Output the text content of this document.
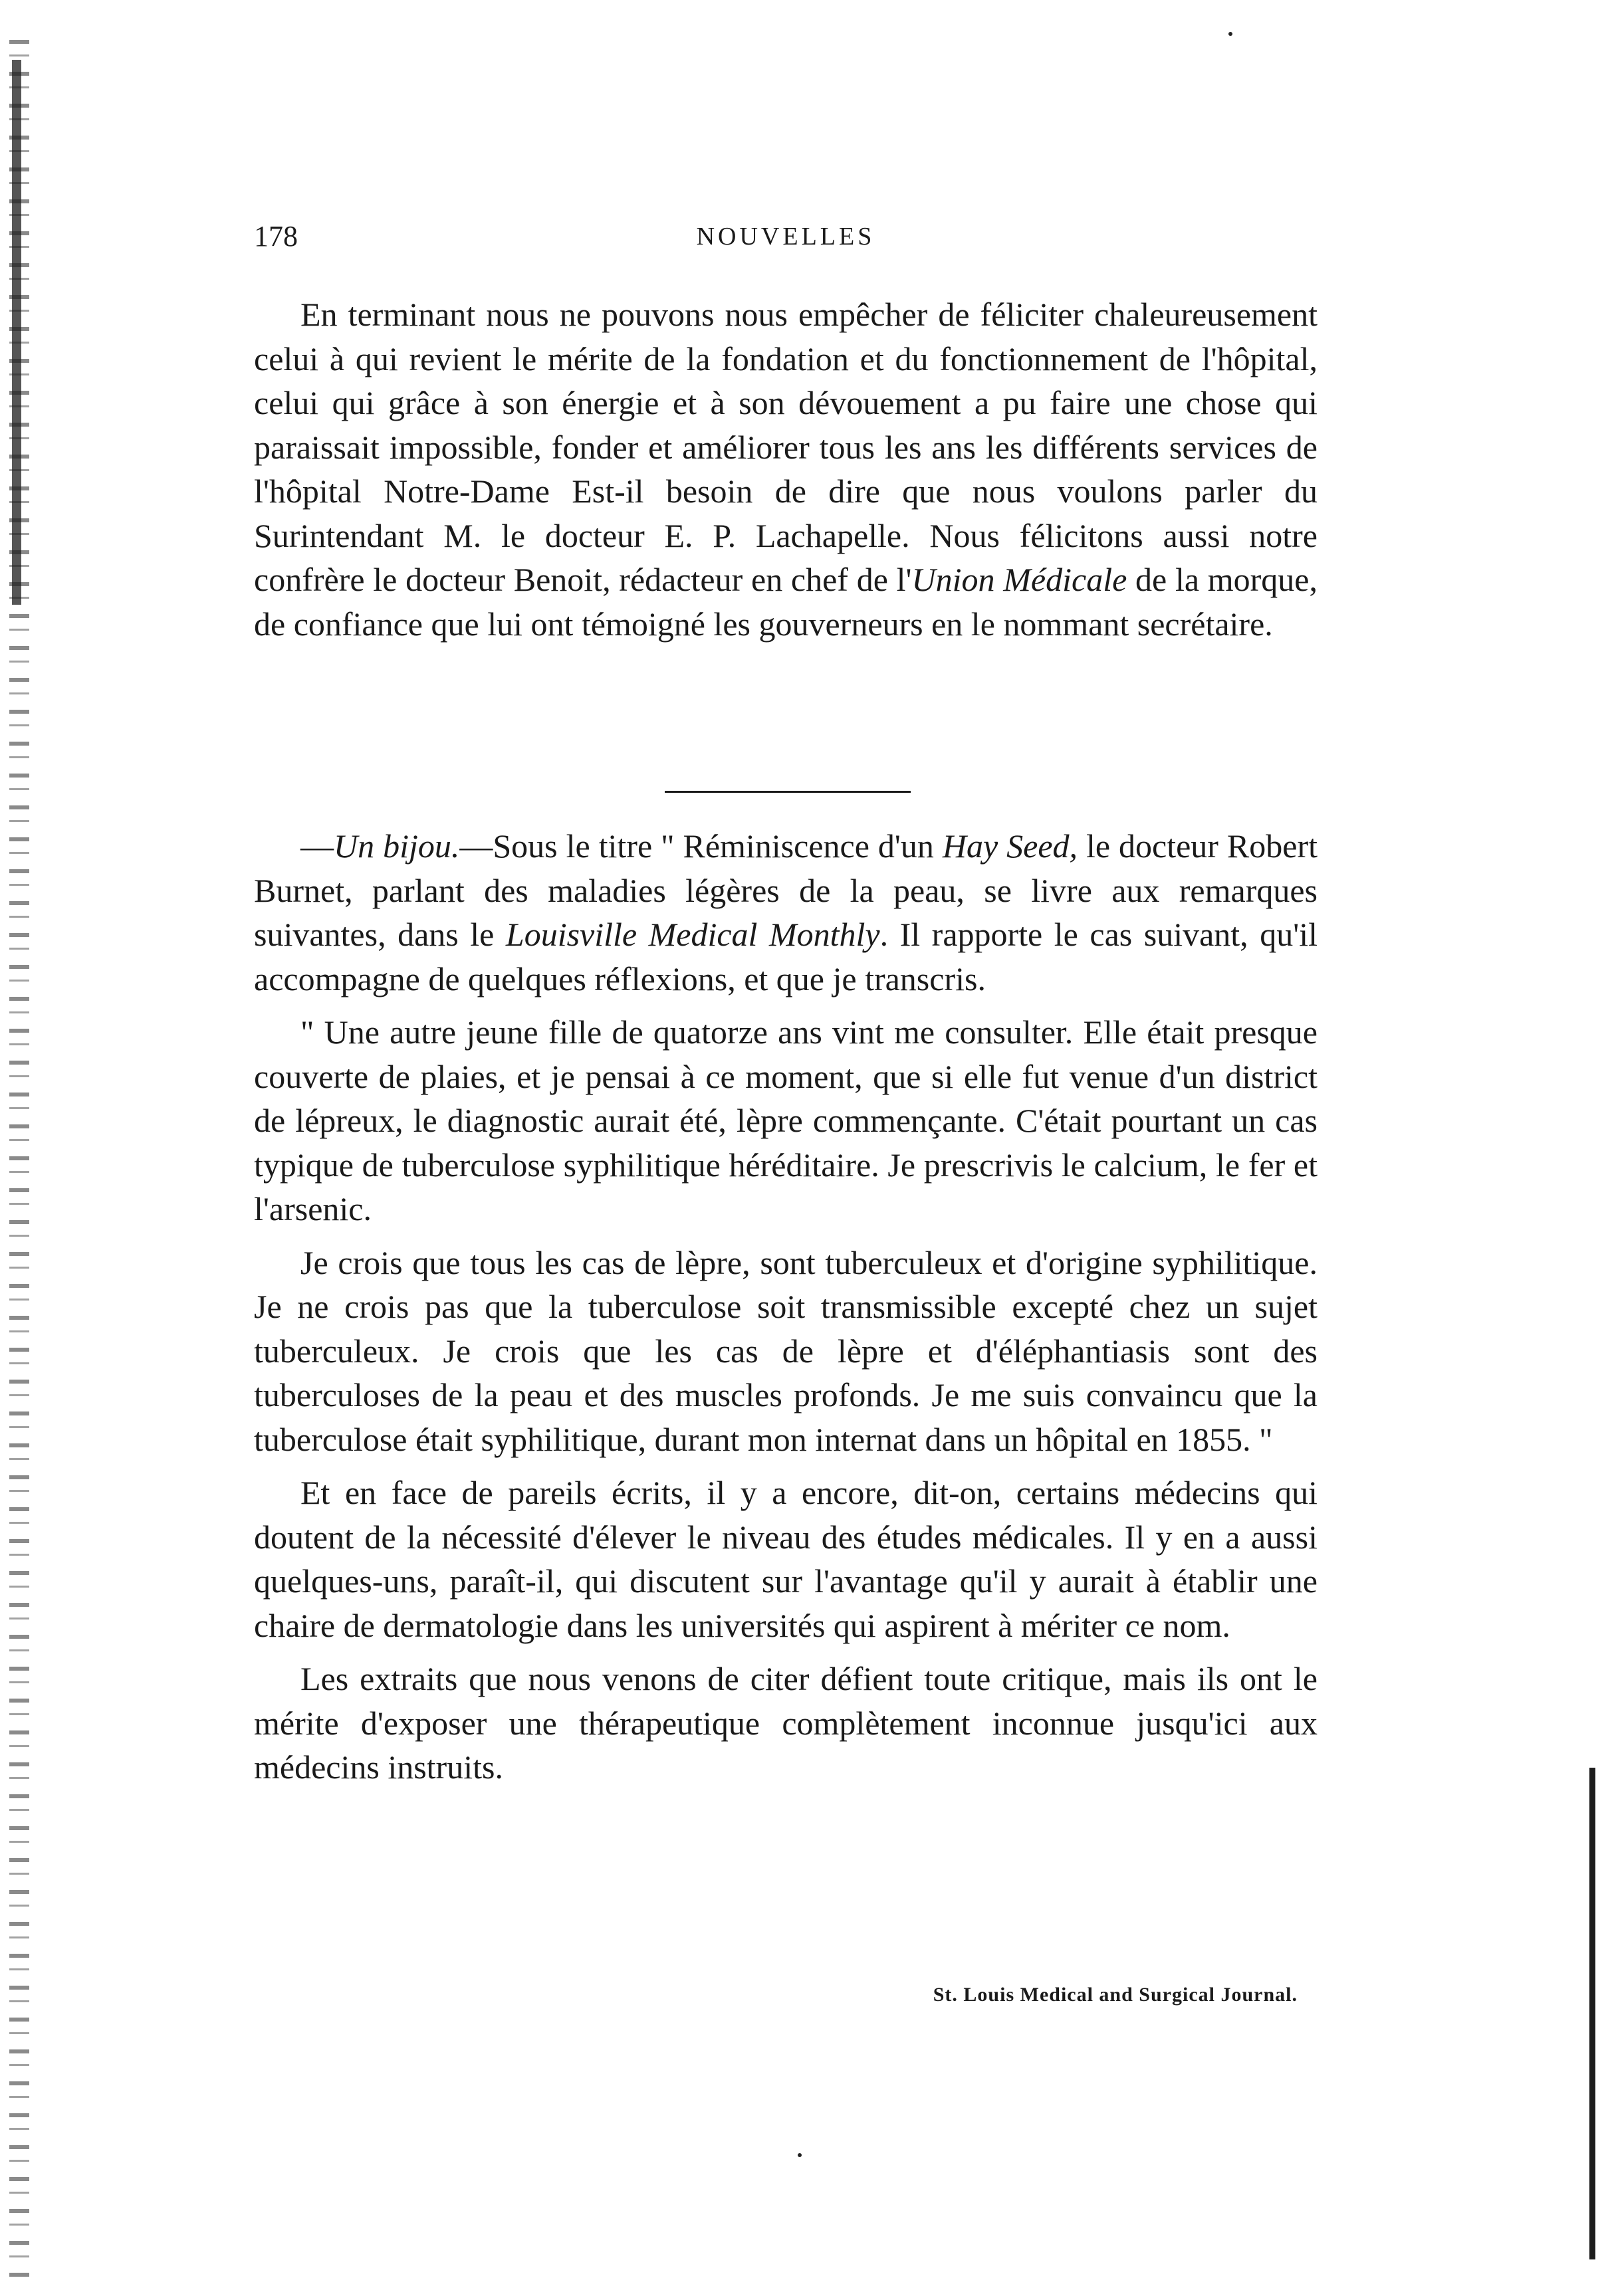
178	NOUVELLES

En terminant nous ne pouvons nous empêcher de féliciter chaleureusement celui à qui revient le mérite de la fondation et du fonctionnement de l'hôpital, celui qui grâce à son énergie et à son dévouement a pu faire une chose qui paraissait impossible, fonder et améliorer tous les ans les différents services de l'hôpital Notre-Dame Est-il besoin de dire que nous voulons parler du Surintendant M. le docteur E. P. Lachapelle. Nous félicitons aussi notre confrère le docteur Benoit, rédacteur en chef de l'Union Médicale de la morque, de confiance que lui ont témoigné les gouverneurs en le nommant secrétaire.

—Un bijou.—Sous le titre " Réminiscence d'un Hay Seed, le docteur Robert Burnet, parlant des maladies légères de la peau, se livre aux remarques suivantes, dans le Louisville Medical Monthly. Il rapporte le cas suivant, qu'il accompagne de quelques réflexions, et que je transcris.

" Une autre jeune fille de quatorze ans vint me consulter. Elle était presque couverte de plaies, et je pensai à ce moment, que si elle fut venue d'un district de lépreux, le diagnostic aurait été, lèpre commençante. C'était pourtant un cas typique de tuberculose syphilitique héréditaire. Je prescrivis le calcium, le fer et l'arsenic.

Je crois que tous les cas de lèpre, sont tuberculeux et d'origine syphilitique. Je ne crois pas que la tuberculose soit transmissible excepté chez un sujet tuberculeux. Je crois que les cas de lèpre et d'éléphantiasis sont des tuberculoses de la peau et des muscles profonds. Je me suis convaincu que la tuberculose était syphilitique, durant mon internat dans un hôpital en 1855. "

Et en face de pareils écrits, il y a encore, dit-on, certains médecins qui doutent de la nécessité d'élever le niveau des études médicales. Il y en a aussi quelques-uns, paraît-il, qui discutent sur l'avantage qu'il y aurait à établir une chaire de dermatologie dans les universités qui aspirent à mériter ce nom.

Les extraits que nous venons de citer défient toute critique, mais ils ont le mérite d'exposer une thérapeutique complètement inconnue jusqu'ici aux médecins instruits.

St. Louis Medical and Surgical Journal.
